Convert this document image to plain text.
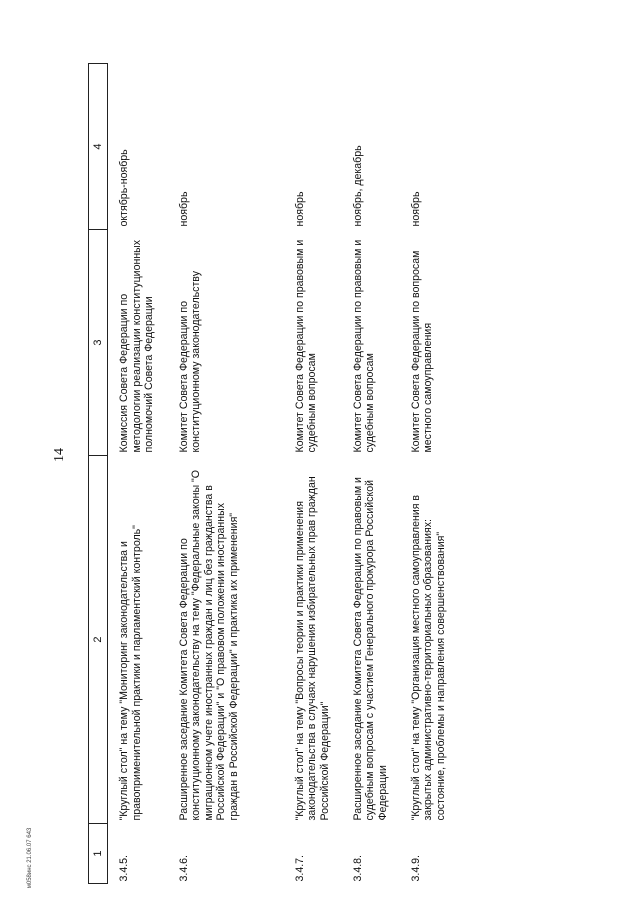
14
1	2	3	4
3.4.5.	"Круглый стол" на тему "Мониторинг законодательства и правоприменительной практики и парламентский контроль"	Комиссия Совета Федерации по методологии реализации конституционных полномочий Совета Федерации	октябрь-ноябрь
3.4.6.	Расширенное заседание Комитета Совета Федерации по конституционному законодательству на тему "Федеральные законы "О миграционном учете иностранных граждан и лиц без гражданства в Российской Федерации" и "О правовом положении иностранных граждан в Российской Федерации" и практика их применения"	Комитет Совета Федерации по конституционному законодательству	ноябрь
3.4.7.	"Круглый стол" на тему "Вопросы теории и практики применения законодательства в случаях нарушения избирательных прав граждан Российской Федерации"	Комитет Совета Федерации по правовым и судебным вопросам	ноябрь
3.4.8.	Расширенное заседание Комитета Совета Федерации по правовым и судебным вопросам с участием Генерального прокурора Российской Федерации	Комитет Совета Федерации по правовым и судебным вопросам	ноябрь, декабрь
3.4.9.	"Круглый стол" на тему "Организация местного самоуправления в закрытых административно-территориальных образованиях: состояние, проблемы и направления совершенствования"	Комитет Совета Федерации по вопросам местного самоуправления	ноябрь
м058инс 21.06.07 643
